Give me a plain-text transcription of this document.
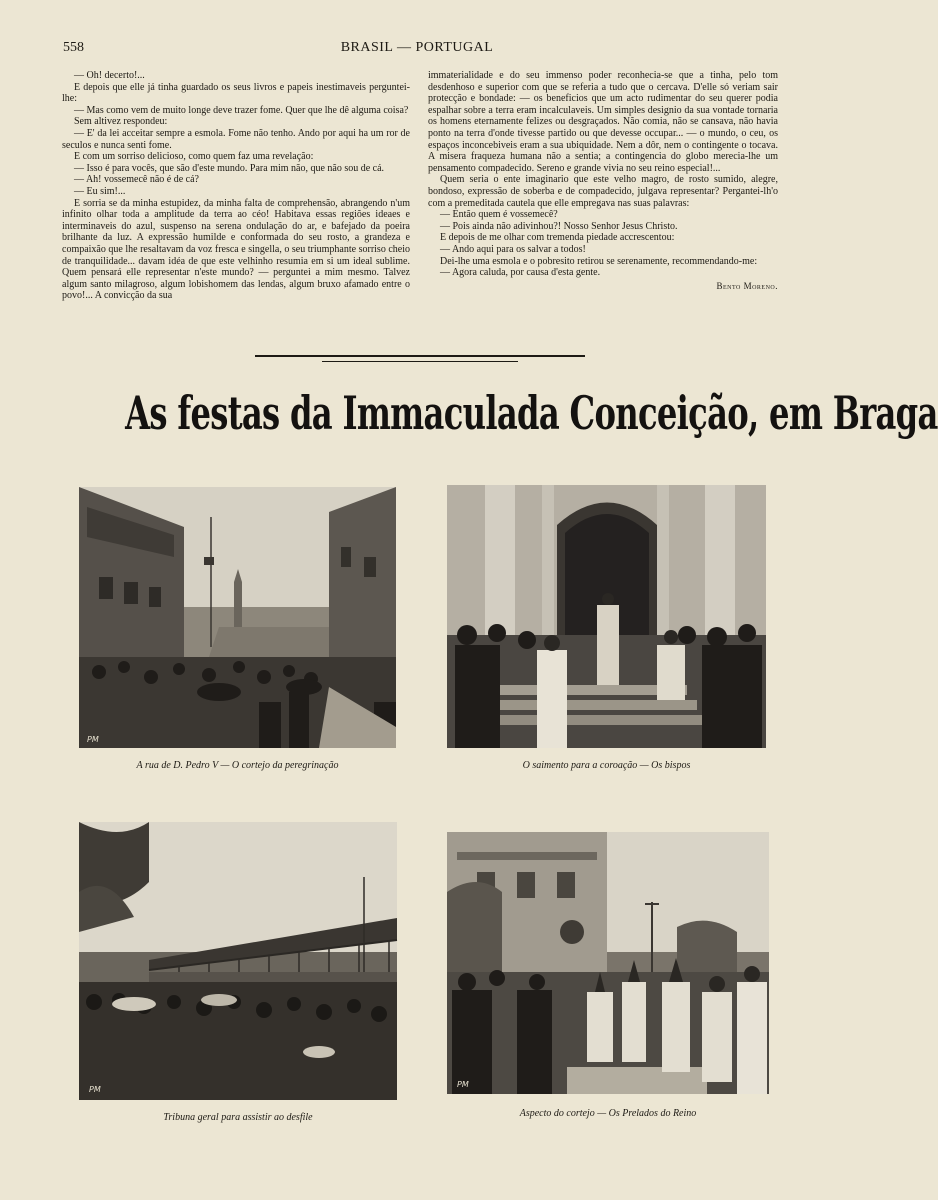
558	BRASIL — PORTUGAL

— Oh! decerto!...

E depois que elle já tinha guardado os seus livros e papeis inestimaveis perguntei-lhe:

— Mas como vem de muito longe deve trazer fome. Quer que lhe dê alguma coisa?

Sem altivez respondeu:

— E' da lei acceitar sempre a esmola. Fome não tenho. Ando por aqui ha um ror de seculos e nunca senti fome.

E com um sorriso delicioso, como quem faz uma revelação:

— Isso é para vocês, que são d'este mundo. Para mim não, que não sou de cá.

— Ah! vossemecê não é de cá?

— Eu sim!...

E sorria se da minha estupidez, da minha falta de comprehensão, abrangendo n'um infinito olhar toda a amplitude da terra ao céo! Habitava essas regiões ideaes e interminaveis do azul, suspenso na serena ondulação do ar, e bafejado da poeira brilhante da luz. A expressão humilde e conformada do seu rosto, a grandeza e compaixão que lhe resaltavam da voz fresca e singella, o seu triumphante sorriso cheio de tranquilidade... davam idéa de que este velhinho resumia em si um ideal sublime. Quem pensará elle representar n'este mundo? — perguntei a mim mesmo. Talvez algum santo milagroso, algum lobishomem das lendas, algum bruxo afamado entre o povo!... A convicção da sua

immaterialidade e do seu immenso poder reconhecia-se que a tinha, pelo tom desdenhoso e superior com que se referia a tudo que o cercava. D'elle só veriam sair protecção e bondade: — os beneficios que um acto rudimentar do seu querer podia espalhar sobre a terra eram incalculaveis. Um simples designio da sua vontade tornaria os homens eternamente felizes ou desgraçados. Não comia, não se cansava, não havia ponto na terra d'onde tivesse partido ou que devesse occupar... — o mundo, o ceu, os espaços inconcebiveis eram a sua ubiquidade. Nem a dôr, nem o contingente o tocava. A misera fraqueza humana não a sentia; a contingencia do globo merecia-lhe um pensamento compadecido. Sereno e grande vivia no seu reino especial!...

Quem seria o ente imaginario que este velho magro, de rosto sumido, alegre, bondoso, expressão de soberba e de compadecido, julgava representar? Pergantei-lh'o com a premeditada cautela que elle empregava nas suas palavras:

— Então quem é vossemecê?

— Pois ainda não adivinhou?! Nosso Senhor Jesus Christo.

E depois de me olhar com tremenda piedade accrescentou:

— Ando aqui para os salvar a todos!

Dei-lhe uma esmola e o pobresito retirou se serenamente, recommendando-me:

— Agora caluda, por causa d'esta gente.

Bento Moreno.
As festas da Immaculada Conceição, em Braga
PM
A rua de D. Pedro V — O cortejo da peregrinação	O saimento para a coroação — Os bispos
PM
Tribuna geral para assistir ao desfile
PM
Aspecto do cortejo — Os Prelados do Reino
